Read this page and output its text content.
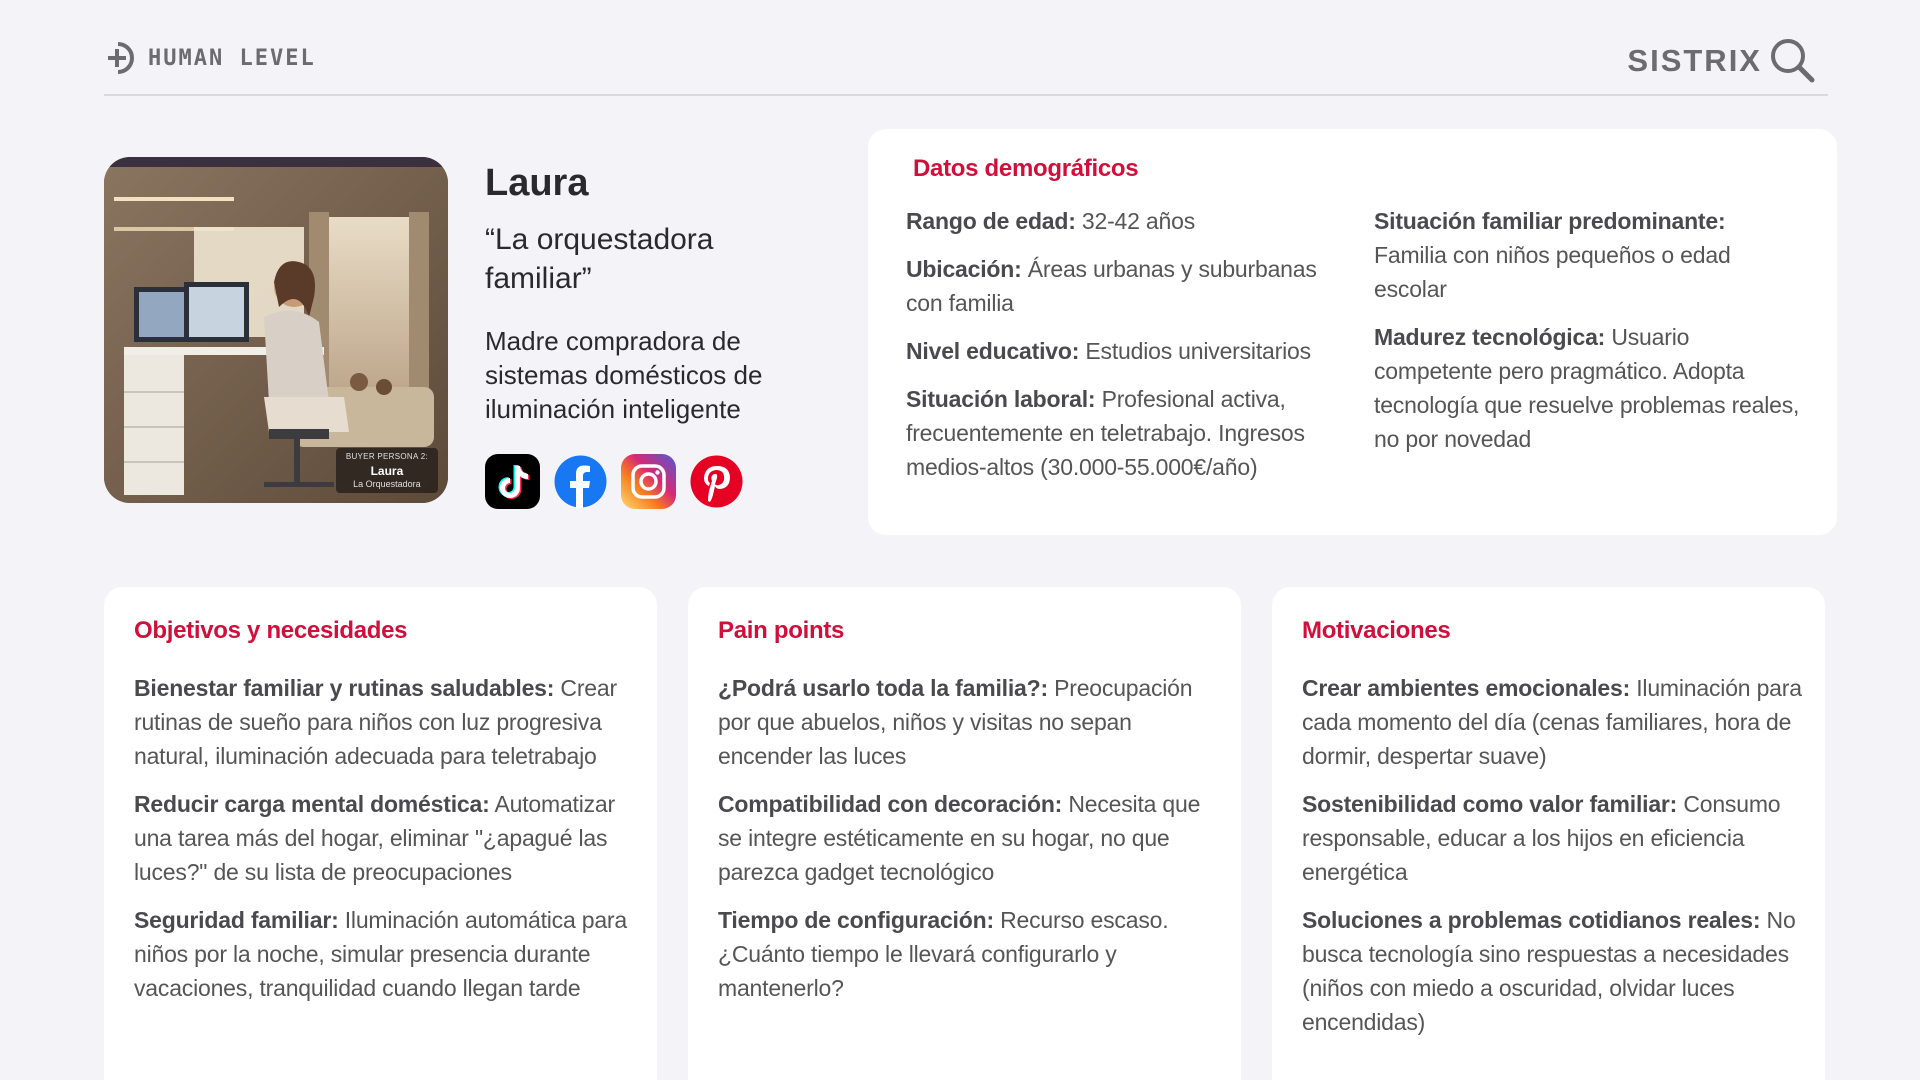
HUMAN LEVEL	SISTRIX
BUYER PERSONA 2:
Laura
La Orquestadora
Laura
“La orquestadora familiar”
Madre compradora de sistemas domésticos de iluminación inteligente
Datos demográficos

Rango de edad: 32-42 años

Ubicación: Áreas urbanas y suburbanas con familia

Nivel educativo: Estudios universitarios

Situación laboral: Profesional activa, frecuentemente en teletrabajo. Ingresos medios-altos (30.000-55.000€/año)

Situación familiar predominante: Familia con niños pequeños o edad escolar

Madurez tecnológica: Usuario competente pero pragmático. Adopta tecnología que resuelve problemas reales, no por novedad

Objetivos y necesidades

Bienestar familiar y rutinas saludables: Crear rutinas de sueño para niños con luz progresiva natural, iluminación adecuada para teletrabajo

Reducir carga mental doméstica: Automatizar una tarea más del hogar, eliminar "¿apagué las luces?" de su lista de preocupaciones

Seguridad familiar: Iluminación automática para niños por la noche, simular presencia durante vacaciones, tranquilidad cuando llegan tarde

Pain points

¿Podrá usarlo toda la familia?: Preocupación por que abuelos, niños y visitas no sepan encender las luces

Compatibilidad con decoración: Necesita que se integre estéticamente en su hogar, no que parezca gadget tecnológico

Tiempo de configuración: Recurso escaso. ¿Cuánto tiempo le llevará configurarlo y mantenerlo?

Motivaciones

Crear ambientes emocionales: Iluminación para cada momento del día (cenas familiares, hora de dormir, despertar suave)

Sostenibilidad como valor familiar: Consumo responsable, educar a los hijos en eficiencia energética

Soluciones a problemas cotidianos reales: No busca tecnología sino respuestas a necesidades (niños con miedo a oscuridad, olvidar luces encendidas)
